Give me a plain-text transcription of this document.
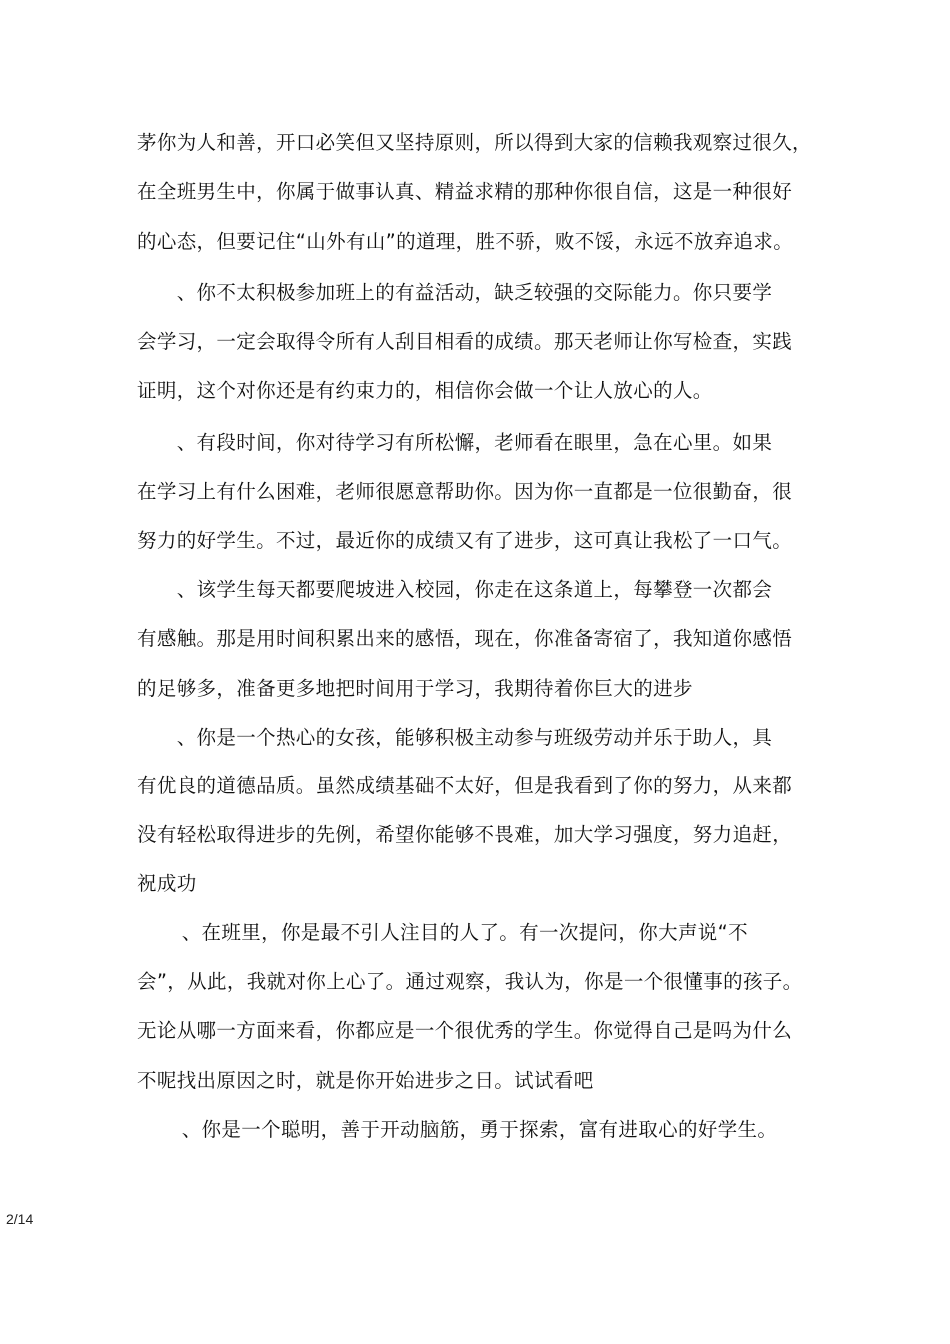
茅你为人和善，开口必笑但又坚持原则，所以得到大家的信赖我观察过很久，
在全班男生中，你属于做事认真、精益求精的那种你很自信，这是一种很好
的心态，但要记住“山外有山”的道理，胜不骄，败不馁，永远不放弃追求。
　　、你不太积极参加班上的有益活动，缺乏较强的交际能力。你只要学
会学习，一定会取得令所有人刮目相看的成绩。那天老师让你写检查，实践
证明，这个对你还是有约束力的，相信你会做一个让人放心的人。
　　、有段时间，你对待学习有所松懈，老师看在眼里，急在心里。如果
在学习上有什么困难，老师很愿意帮助你。因为你一直都是一位很勤奋，很
努力的好学生。不过，最近你的成绩又有了进步，这可真让我松了一口气。
　　、该学生每天都要爬坡进入校园，你走在这条道上，每攀登一次都会
有感触。那是用时间积累出来的感悟，现在，你准备寄宿了，我知道你感悟
的足够多，准备更多地把时间用于学习，我期待着你巨大的进步
　　、你是一个热心的女孩，能够积极主动参与班级劳动并乐于助人，具
有优良的道德品质。虽然成绩基础不太好，但是我看到了你的努力，从来都
没有轻松取得进步的先例，希望你能够不畏难，加大学习强度，努力追赶，
祝成功
　　、在班里，你是最不引人注目的人了。有一次提问，你大声说“不
会”，从此，我就对你上心了。通过观察，我认为，你是一个很懂事的孩子。
无论从哪一方面来看，你都应是一个很优秀的学生。你觉得自己是吗为什么
不呢找出原因之时，就是你开始进步之日。试试看吧
　　、你是一个聪明，善于开动脑筋，勇于探索，富有进取心的好学生。
2/14
